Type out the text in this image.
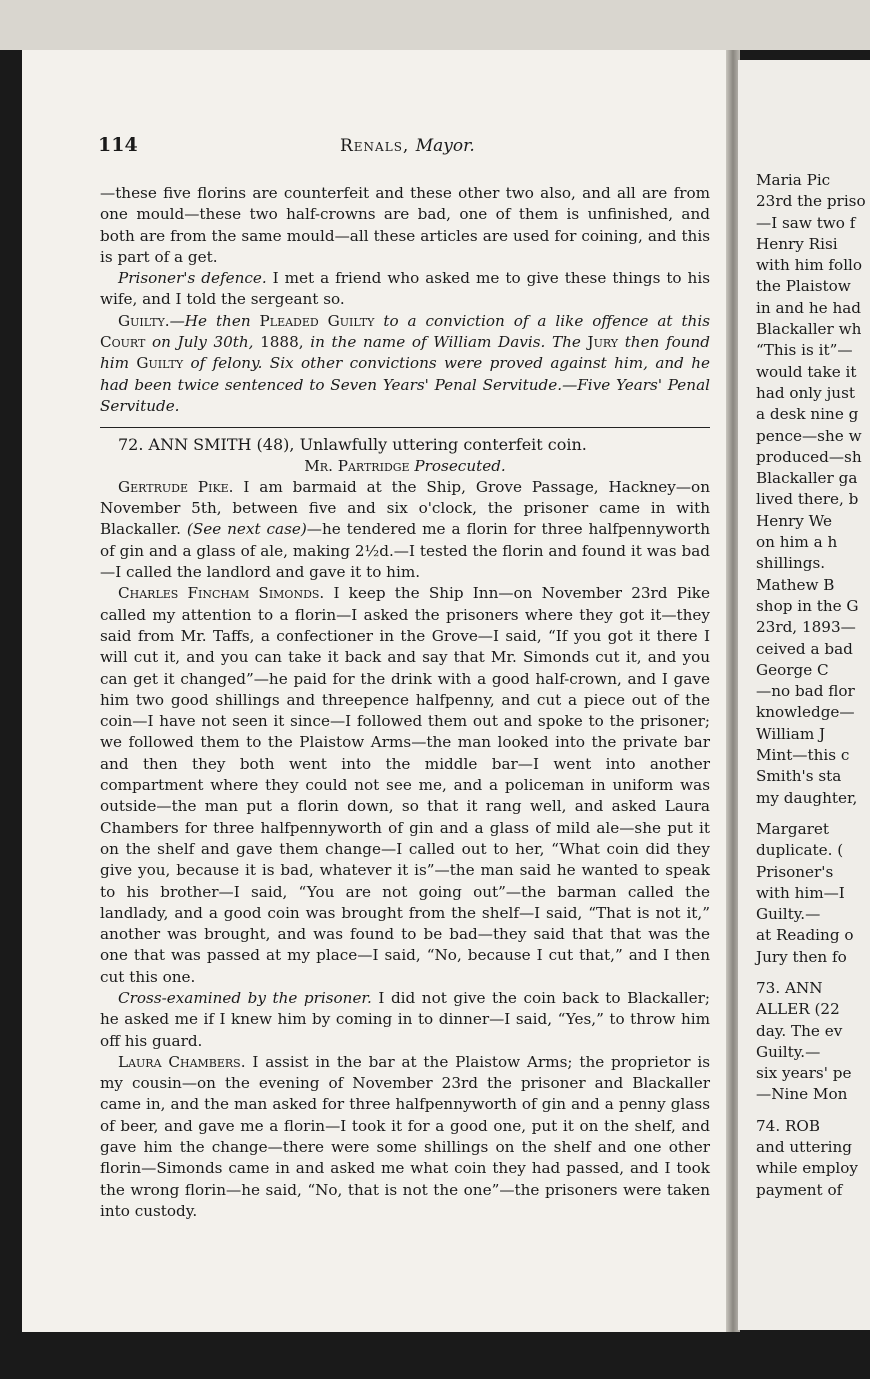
114	Renals, Mayor.

—these five florins are counterfeit and these other two also, and all are from one mould—these two half-crowns are bad, one of them is unfinished, and both are from the same mould—all these articles are used for coining, and this is part of a get.

Prisoner's defence. I met a friend who asked me to give these things to his wife, and I told the sergeant so.

Guilty.—He then Pleaded Guilty to a conviction of a like offence at this Court on July 30th, 1888, in the name of William Davis. The Jury then found him Guilty of felony. Six other convictions were proved against him, and he had been twice sentenced to Seven Years' Penal Servitude.—Five Years' Penal Servitude.

72. ANN SMITH (48), Unlawfully uttering conterfeit coin.

Mr. Partridge Prosecuted.

Gertrude Pike. I am barmaid at the Ship, Grove Passage, Hackney—on November 5th, between five and six o'clock, the prisoner came in with Blackaller. (See next case)—he tendered me a florin for three halfpennyworth of gin and a glass of ale, making 2½d.—I tested the florin and found it was bad—I called the landlord and gave it to him.

Charles Fincham Simonds. I keep the Ship Inn—on November 23rd Pike called my attention to a florin—I asked the prisoners where they got it—they said from Mr. Taffs, a confectioner in the Grove—I said, “If you got it there I will cut it, and you can take it back and say that Mr. Simonds cut it, and you can get it changed”—he paid for the drink with a good half-crown, and I gave him two good shillings and threepence halfpenny, and cut a piece out of the coin—I have not seen it since—I followed them out and spoke to the prisoner; we followed them to the Plaistow Arms—the man looked into the private bar and then they both went into the middle bar—I went into another compartment where they could not see me, and a policeman in uniform was outside—the man put a florin down, so that it rang well, and asked Laura Chambers for three halfpennyworth of gin and a glass of mild ale—she put it on the shelf and gave them change—I called out to her, “What coin did they give you, because it is bad, whatever it is”—the man said he wanted to speak to his brother—I said, “You are not going out”—the barman called the landlady, and a good coin was brought from the shelf—I said, “That is not it,” another was brought, and was found to be bad—they said that that was the one that was passed at my place—I said, “No, because I cut that,” and I then cut this one.

Cross-examined by the prisoner. I did not give the coin back to Blackaller; he asked me if I knew him by coming in to dinner—I said, “Yes,” to throw him off his guard.

Laura Chambers. I assist in the bar at the Plaistow Arms; the proprietor is my cousin—on the evening of November 23rd the prisoner and Blackaller came in, and the man asked for three halfpennyworth of gin and a penny glass of beer, and gave me a florin—I took it for a good one, put it on the shelf, and gave him the change—there were some shillings on the shelf and one other florin—Simonds came in and asked me what coin they had passed, and I took the wrong florin—he said, “No, that is not the one”—the prisoners were taken into custody.

Maria Pic
23rd the priso
—I saw two f
Henry Risi
with him follo
the Plaistow
in and he had
Blackaller wh
“This is it”—
would take it
had only just
a desk nine g
pence—she w
produced—sh
Blackaller ga
lived there, b
Henry We
on him a h
shillings.
Mathew B
shop in the G
23rd, 1893—
ceived a bad
George C
—no bad flor
knowledge—
William J
Mint—this c
Smith's sta
my daughter,
Margaret
duplicate. (
Prisoner's
with him—I
Guilty.—
at Reading o
Jury then fo
73. ANN
ALLER (22
day. The ev
Guilty.—
six years' pe
—Nine Mon
74. ROB
and uttering
while employ
payment of
